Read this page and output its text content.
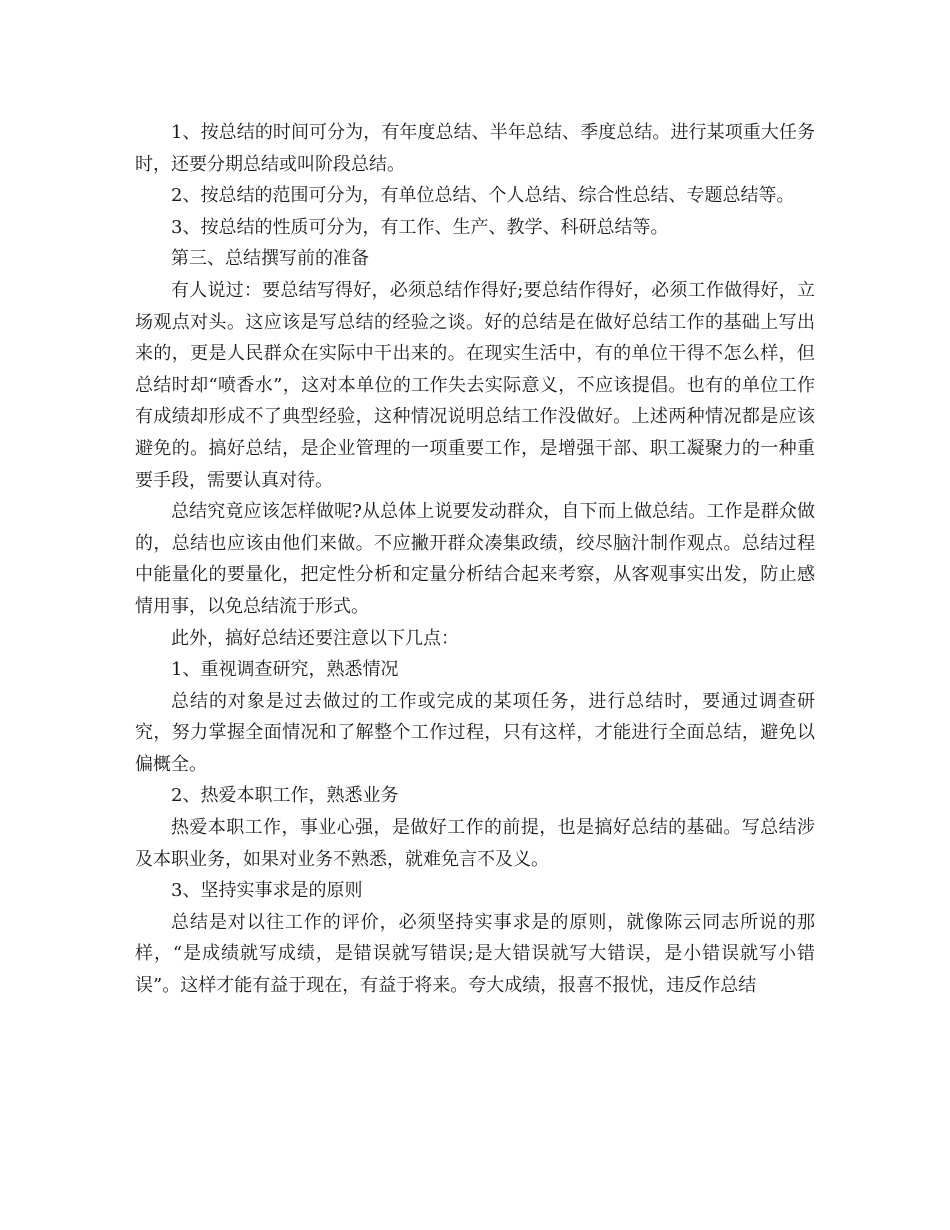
1、按总结的时间可分为，有年度总结、半年总结、季度总结。进行某项重大任务时，还要分期总结或叫阶段总结。

2、按总结的范围可分为，有单位总结、个人总结、综合性总结、专题总结等。

3、按总结的性质可分为，有工作、生产、教学、科研总结等。

第三、总结撰写前的准备

有人说过：要总结写得好，必须总结作得好;要总结作得好，必须工作做得好，立场观点对头。这应该是写总结的经验之谈。好的总结是在做好总结工作的基础上写出来的，更是人民群众在实际中干出来的。在现实生活中，有的单位干得不怎么样，但总结时却“喷香水”，这对本单位的工作失去实际意义，不应该提倡。也有的单位工作有成绩却形成不了典型经验，这种情况说明总结工作没做好。上述两种情况都是应该避免的。搞好总结，是企业管理的一项重要工作，是增强干部、职工凝聚力的一种重要手段，需要认真对待。

总结究竟应该怎样做呢?从总体上说要发动群众，自下而上做总结。工作是群众做的，总结也应该由他们来做。不应撇开群众凑集政绩，绞尽脑汁制作观点。总结过程中能量化的要量化，把定性分析和定量分析结合起来考察，从客观事实出发，防止感情用事，以免总结流于形式。

此外，搞好总结还要注意以下几点：

1、重视调查研究，熟悉情况

总结的对象是过去做过的工作或完成的某项任务，进行总结时，要通过调查研究，努力掌握全面情况和了解整个工作过程，只有这样，才能进行全面总结，避免以偏概全。

2、热爱本职工作，熟悉业务

热爱本职工作，事业心强，是做好工作的前提，也是搞好总结的基础。写总结涉及本职业务，如果对业务不熟悉，就难免言不及义。

3、坚持实事求是的原则

总结是对以往工作的评价，必须坚持实事求是的原则，就像陈云同志所说的那样，“是成绩就写成绩，是错误就写错误;是大错误就写大错误，是小错误就写小错误”。这样才能有益于现在，有益于将来。夸大成绩，报喜不报忧，违反作总结
